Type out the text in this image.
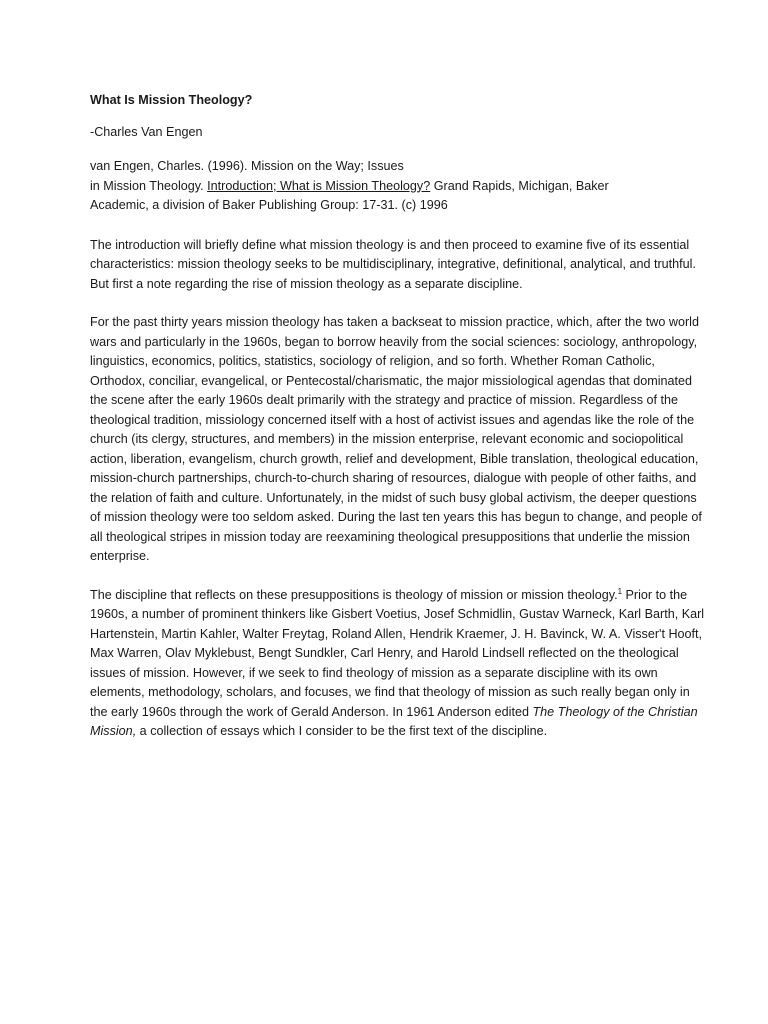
What Is Mission Theology?

-Charles Van Engen

van Engen, Charles. (1996). Mission on the Way; Issues
in Mission Theology. Introduction; What is Mission Theology? Grand Rapids, Michigan, Baker
Academic, a division of Baker Publishing Group: 17-31. (c) 1996

The introduction will briefly define what mission theology is and then proceed to examine five of its essential characteristics: mission theology seeks to be multidisciplinary, integrative, definitional, analytical, and truthful. But first a note regarding the rise of mission theology as a separate discipline.

For the past thirty years mission theology has taken a backseat to mission practice, which, after the two world wars and particularly in the 1960s, began to borrow heavily from the social sciences: sociology, anthropology, linguistics, economics, politics, statistics, sociology of religion, and so forth. Whether Roman Catholic, Orthodox, conciliar, evangelical, or Pentecostal/charismatic, the major missiological agendas that dominated the scene after the early 1960s dealt primarily with the strategy and practice of mission. Regardless of the theological tradition, missiology concerned itself with a host of activist issues and agendas like the role of the church (its clergy, structures, and members) in the mission enterprise, relevant economic and sociopolitical action, liberation, evangelism, church growth, relief and development, Bible translation, theological education, mission-church partnerships, church-to-church sharing of resources, dialogue with people of other faiths, and the relation of faith and culture. Unfortunately, in the midst of such busy global activism, the deeper questions of mission theology were too seldom asked. During the last ten years this has begun to change, and people of all theological stripes in mission today are reexamining theological presuppositions that underlie the mission enterprise.

The discipline that reflects on these presuppositions is theology of mission or mission theology.$^1$ Prior to the 1960s, a number of prominent thinkers like Gisbert Voetius, Josef Schmidlin, Gustav Warneck, Karl Barth, Karl Hartenstein, Martin Kahler, Walter Freytag, Roland Allen, Hendrik Kraemer, J. H. Bavinck, W. A. Visser't Hooft, Max Warren, Olav Myklebust, Bengt Sundkler, Carl Henry, and Harold Lindsell reflected on the theological issues of mission. However, if we seek to find theology of mission as a separate discipline with its own elements, methodology, scholars, and focuses, we find that theology of mission as such really began only in the early 1960s through the work of Gerald Anderson. In 1961 Anderson edited The Theology of the Christian Mission, a collection of essays which I consider to be the first text of the discipline.
